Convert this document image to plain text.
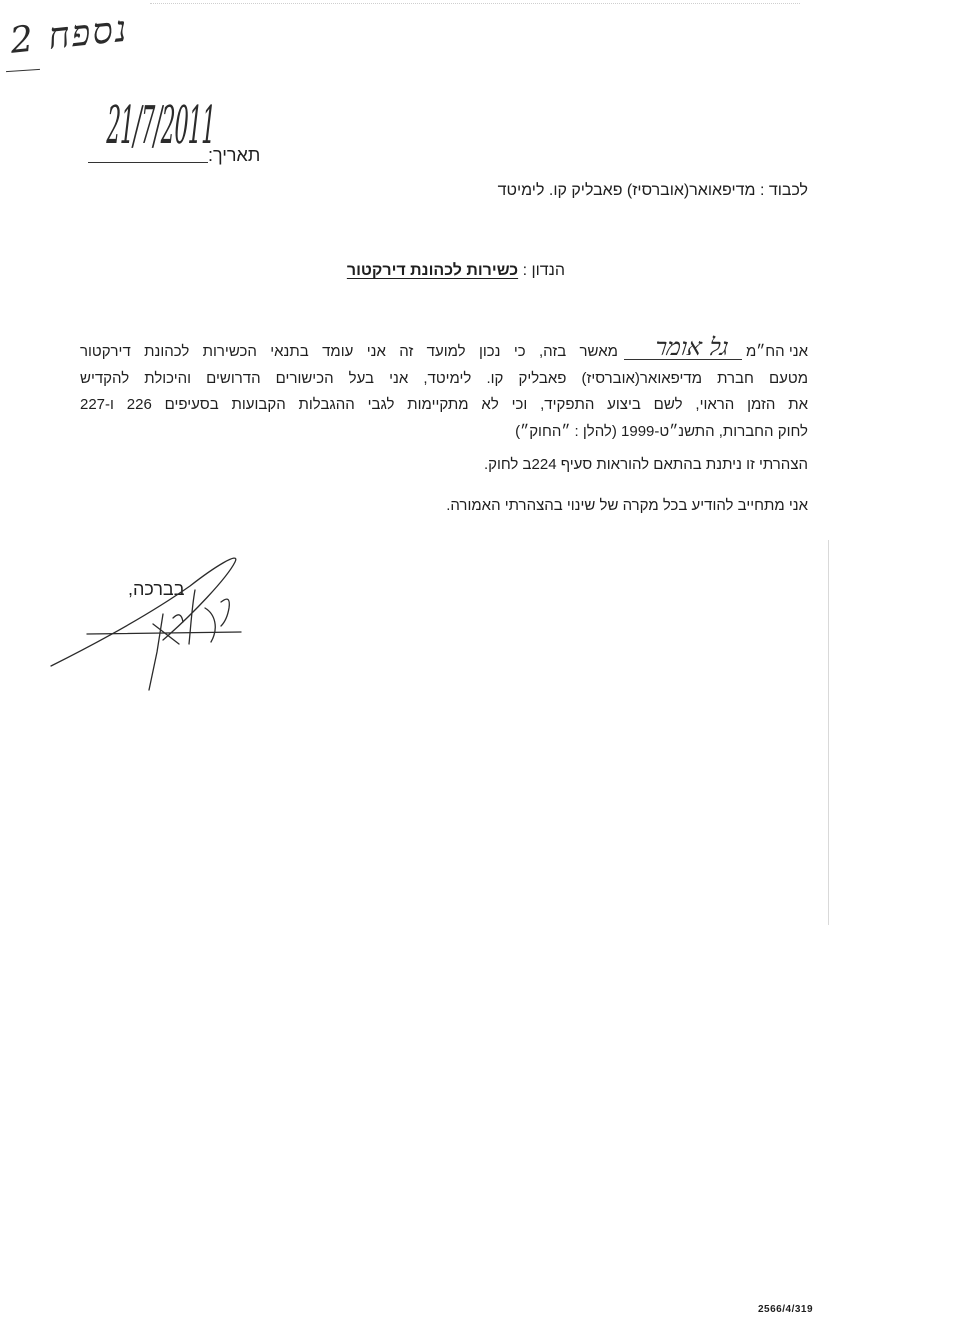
נספח 2
21/7/2011
תאריך:
לכבוד : מדיפאואר(אוברסיז) פאבליק קו. לימיטד
הנדון : כשירות לכהונת דירקטור
אני הח״מ
גל אומר
מאשר בזה, כי נכון למועד זה אני עומד בתנאי הכשירות לכהונת דירקטור
מטעם חברת מדיפאואר(אוברסיז) פאבליק קו. לימיטד, אני בעל הכישורים הדרושים והיכולת להקדיש
את הזמן הראוי, לשם ביצוע התפקיד, וכי לא מתקיימות לגבי ההגבלות הקבועות בסעיפים 226 ו-227
לחוק החברות, התשנ״ט-1999 (להלן : ״החוק״)
הצהרתי זו ניתנת בהתאם להוראות סעיף 224ב לחוק.
אני מתחייב להודיע בכל מקרה של שינוי בהצהרתי האמורה.
בברכה,
2566/4/319
